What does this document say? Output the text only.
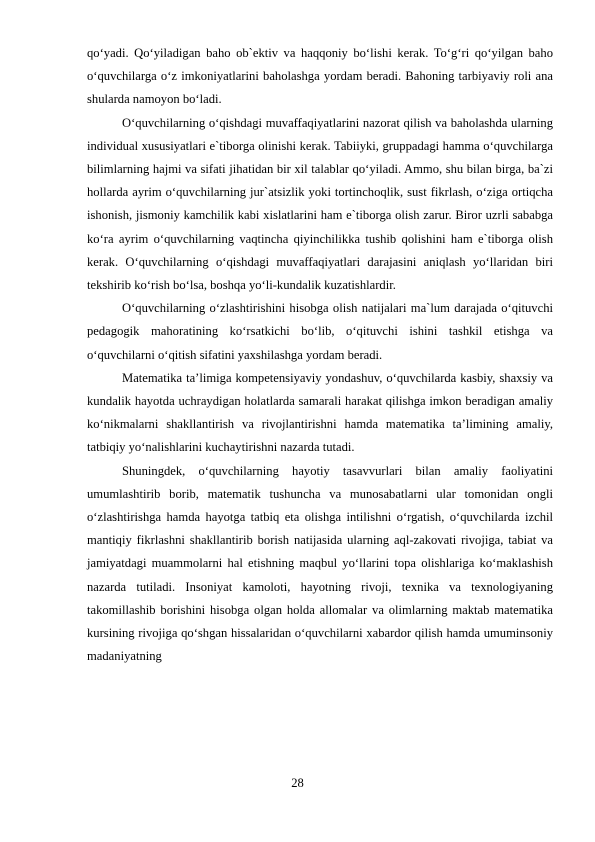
qo‘yadi. Qo‘yiladigan baho ob`ektiv va haqqoniy bo‘lishi kerak. To‘g‘ri qo‘yilgan baho o‘quvchilarga o‘z imkoniyatlarini baholashga yordam beradi. Bahoning tarbiyaviy roli ana shularda namoyon bo‘ladi.

O‘quvchilarning o‘qishdagi muvaffaqiyatlarini nazorat qilish va baholashda ularning individual xususiyatlari e`tiborga olinishi kerak. Tabiiyki, gruppadagi hamma o‘quvchilarga bilimlarning hajmi va sifati jihatidan bir xil talablar qo‘yiladi. Ammo, shu bilan birga, ba`zi hollarda ayrim o‘quvchilarning jur`atsizlik yoki tortinchoqlik, sust fikrlash, o‘ziga ortiqcha ishonish, jismoniy kamchilik kabi xislatlarini ham e`tiborga olish zarur. Biror uzrli sababga ko‘ra ayrim o‘quvchilarning vaqtincha qiyinchilikka tushib qolishini ham e`tiborga olish kerak. O‘quvchilarning o‘qishdagi muvaffaqiyatlari darajasini aniqlash yo‘llaridan biri tekshirib ko‘rish bo‘lsa, boshqa yo‘li-kundalik kuzatishlardir.

O‘quvchilarning o‘zlashtirishini hisobga olish natijalari ma`lum darajada o‘qituvchi pedagogik mahoratining ko‘rsatkichi bo‘lib, o‘qituvchi ishini tashkil etishga va o‘quvchilarni o‘qitish sifatini yaxshilashga yordam beradi.

Matematika ta’limiga kompetensiyaviy yondashuv, o‘quvchilarda kasbiy, shaxsiy va kundalik hayotda uchraydigan holatlarda samarali harakat qilishga imkon beradigan amaliy ko‘nikmalarni shakllantirish va rivojlantirishni hamda matematika ta’limining amaliy, tatbiqiy yo‘nalishlarini kuchaytirishni nazarda tutadi.

Shuningdek, o‘quvchilarning hayotiy tasavvurlari bilan amaliy faoliyatini umumlashtirib borib, matematik tushuncha va munosabatlarni ular tomonidan ongli o‘zlashtirishga hamda hayotga tatbiq eta olishga intilishni o‘rgatish, o‘quvchilarda izchil mantiqiy fikrlashni shakllantirib borish natijasida ularning aql-zakovati rivojiga, tabiat va jamiyatdagi muammolarni hal etishning maqbul yo‘llarini topa olishlariga ko‘maklashish nazarda tutiladi. Insoniyat kamoloti, hayotning rivoji, texnika va texnologiyaning takomillashib borishini hisobga olgan holda allomalar va olimlarning maktab matematika kursining rivojiga qo‘shgan hissalaridan o‘quvchilarni xabardor qilish hamda umuminsoniy madaniyatning

28
